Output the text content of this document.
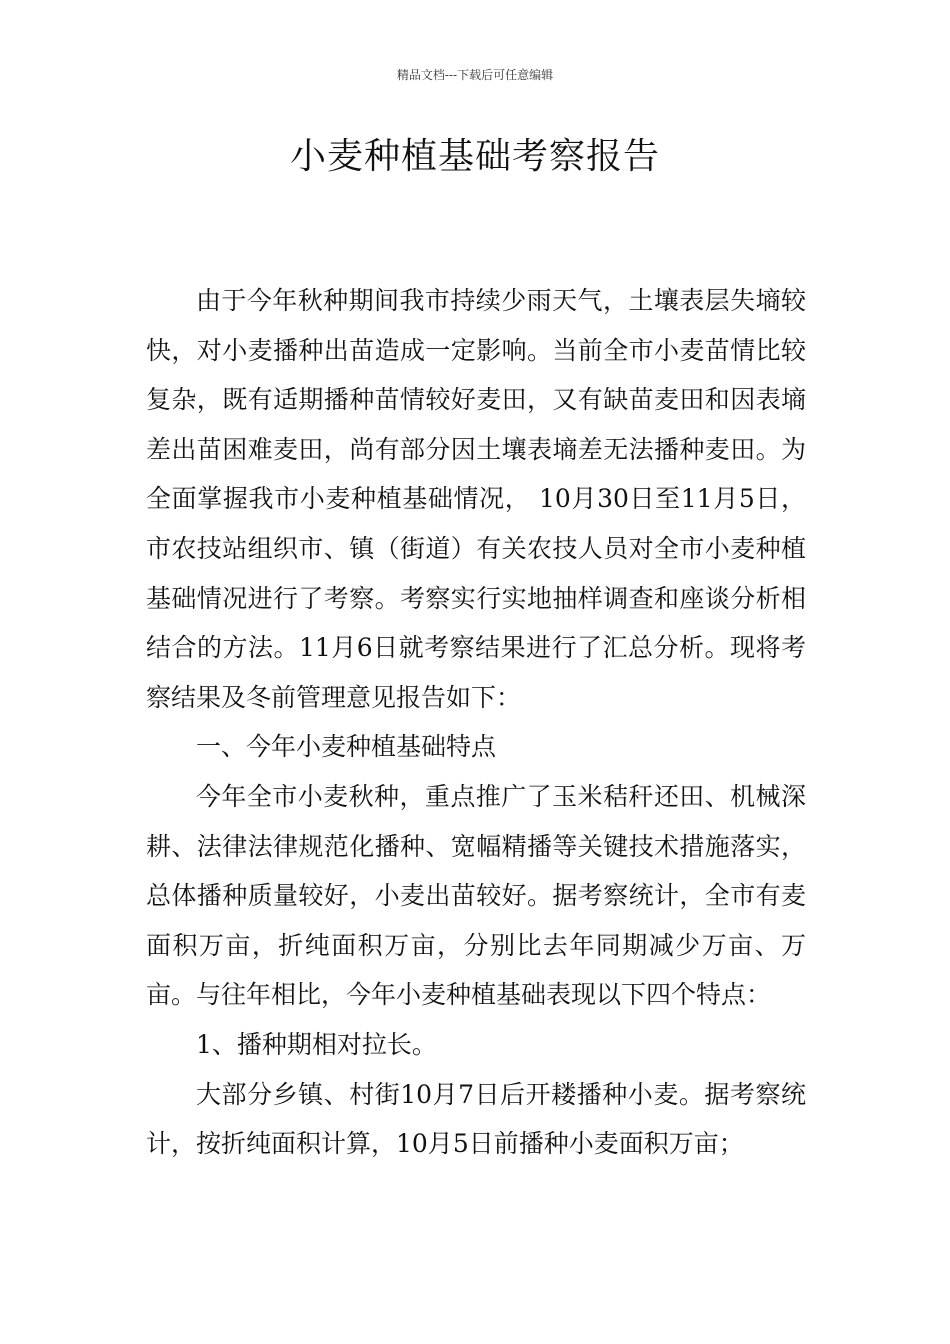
精品文档---下载后可任意编辑
小麦种植基础考察报告

由于今年秋种期间我市持续少雨天气，土壤表层失墒较快，对小麦播种出苗造成一定影响。当前全市小麦苗情比较复杂，既有适期播种苗情较好麦田，又有缺苗麦田和因表墒差出苗困难麦田，尚有部分因土壤表墒差无法播种麦田。为全面掌握我市小麦种植基础情况， 10月30日至11月5日，市农技站组织市、镇（街道）有关农技人员对全市小麦种植基础情况进行了考察。考察实行实地抽样调查和座谈分析相结合的方法。11月6日就考察结果进行了汇总分析。现将考察结果及冬前管理意见报告如下：

一、今年小麦种植基础特点

今年全市小麦秋种，重点推广了玉米秸秆还田、机械深耕、法律法律规范化播种、宽幅精播等关键技术措施落实，总体播种质量较好，小麦出苗较好。据考察统计，全市有麦面积万亩，折纯面积万亩，分别比去年同期减少万亩、万亩。与往年相比，今年小麦种植基础表现以下四个特点：

1、播种期相对拉长。

大部分乡镇、村街10月7日后开耧播种小麦。据考察统计，按折纯面积计算，10月5日前播种小麦面积万亩；
